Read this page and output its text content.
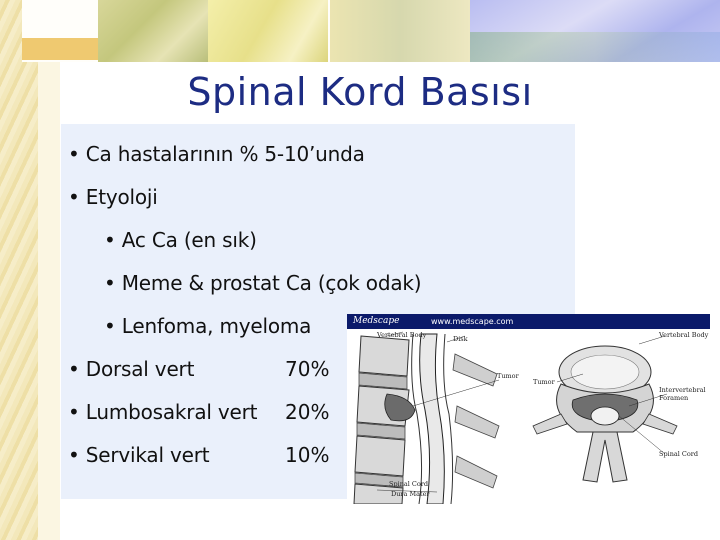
Spinal Kord Basısı
• Ca hastalarının % 5-10’unda
• Etyoloji
• Ac Ca (en sık)
• Meme & prostat Ca (çok odak)
• Lenfoma, myeloma
• Dorsal vert	70%
• Lumbosakral vert 20%
• Servikal vert	10%
Medscape	www.medscape.com
Vertebral Body	Disk
Tumor
Tumor
Spinal Cord
Dura Mater
Vertebral Body
Intervertebral Foramen
Spinal Cord
